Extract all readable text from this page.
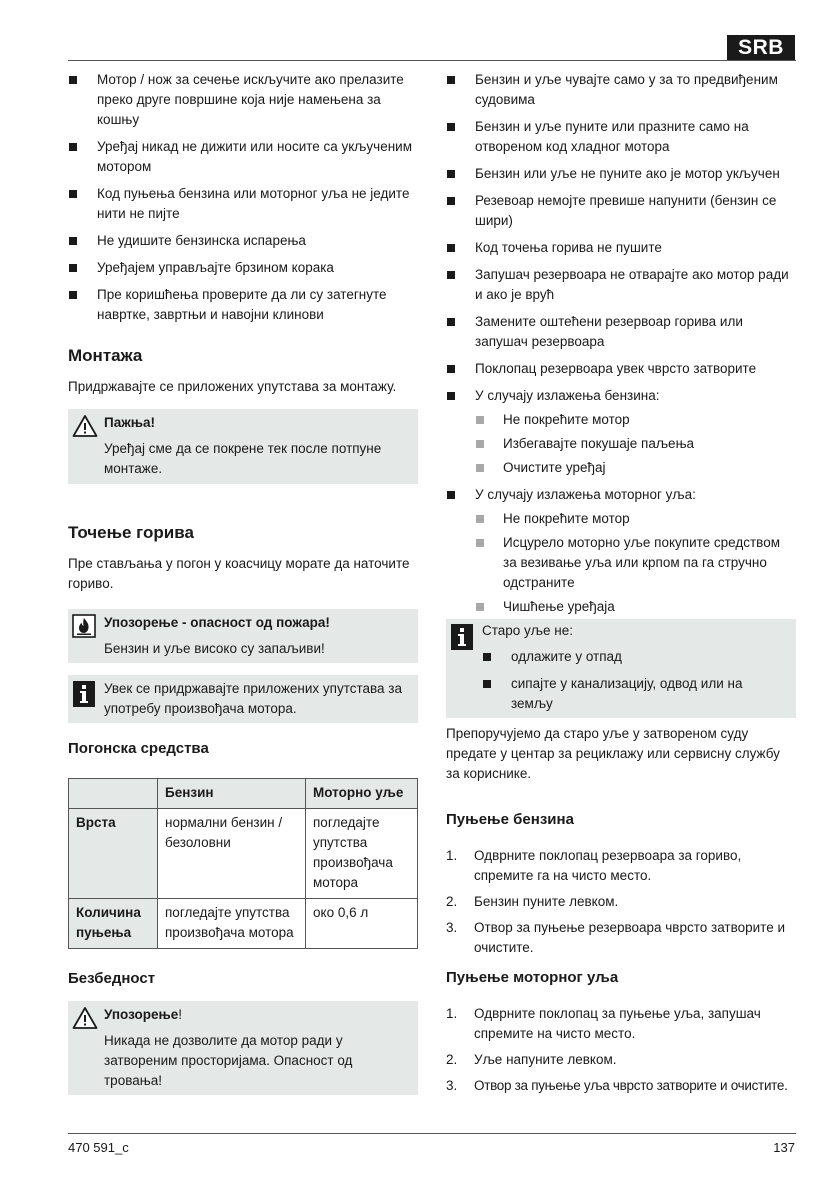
SRB
Мотор / нож за сечење искључите ако прелазите преко друге површине која није намењена за кошњу
Уређај никад не дижити или носите са укљученим мотором
Код пуњења бензина или моторног уља не једите нити не пијте
Не удишите бензинска испарења
Уређајем управљајте брзином корака
Пре коришћења проверите да ли су затегнуте навртке, завртњи и навојни клинови
Монтажа

Придржавајте се приложених упутстава за монтажу.

Пажња!
Уређај сме да се покрене тек после потпуне монтаже.
Точење горива

Пре стављања у погон у коасчицу морате да наточите гориво.

Упозорење - опасност од пожара!
Бензин и уље високо су запаљиви!
Увек се придржавајте приложених упутстава за употребу произвођача мотора.
Погонска средства
	Бензин	Моторно уље
Врста	нормални бензин / безоловни	погледајте упутства произвођача мотора
Количина пуњења	погледајте упутства произвођача мотора	око 0,6 л
Безбедност
Упозорење!
Никада не дозволите да мотор ради у затвореним просторијама. Опасност од тровања!
Бензин и уље чувајте само у за то предвиђеним судовима
Бензин и уље пуните или празните само на отвореном код хладног мотора
Бензин или уље не пуните ако је мотор укључен
Резевоар немојте превише напунити (бензин се шири)
Код точења горива не пушите
Запушач резервоара не отварајте ако мотор ради и ако је врућ
Замените оштећени резервоар горива или запушач резервоара
Поклопац резервоара увек чврсто затворите
У случају излажења бензина:
Не покрећите мотор
Избегавајте покушаје паљења
Очистите уређај
У случају излажења моторног уља:
Не покрећите мотор
Исцурело моторно уље покупите средством за везивање уља или крпом па га стручно одстраните
Чишћење уређаја
Старо уље не:
одлажите у отпад
сипајте у канализацију, одвод или на земљу

Препоручујемо да старо уље у затвореном суду предате у центар за рециклажу или сервисну службу за кориснике.

Пуњење бензина
1. Одврните поклопац резервоара за гориво, спремите га на чисто место.
2. Бензин пуните левком.
3. Отвор за пуњење резервоара чврсто затворите и очистите.
Пуњење моторног уља
1. Одврните поклопац за пуњење уља, запушач спремите на чисто место.
2. Уље напуните левком.
3. Отвор за пуњење уља чврсто затворите и очистите.
470 591_c	137
